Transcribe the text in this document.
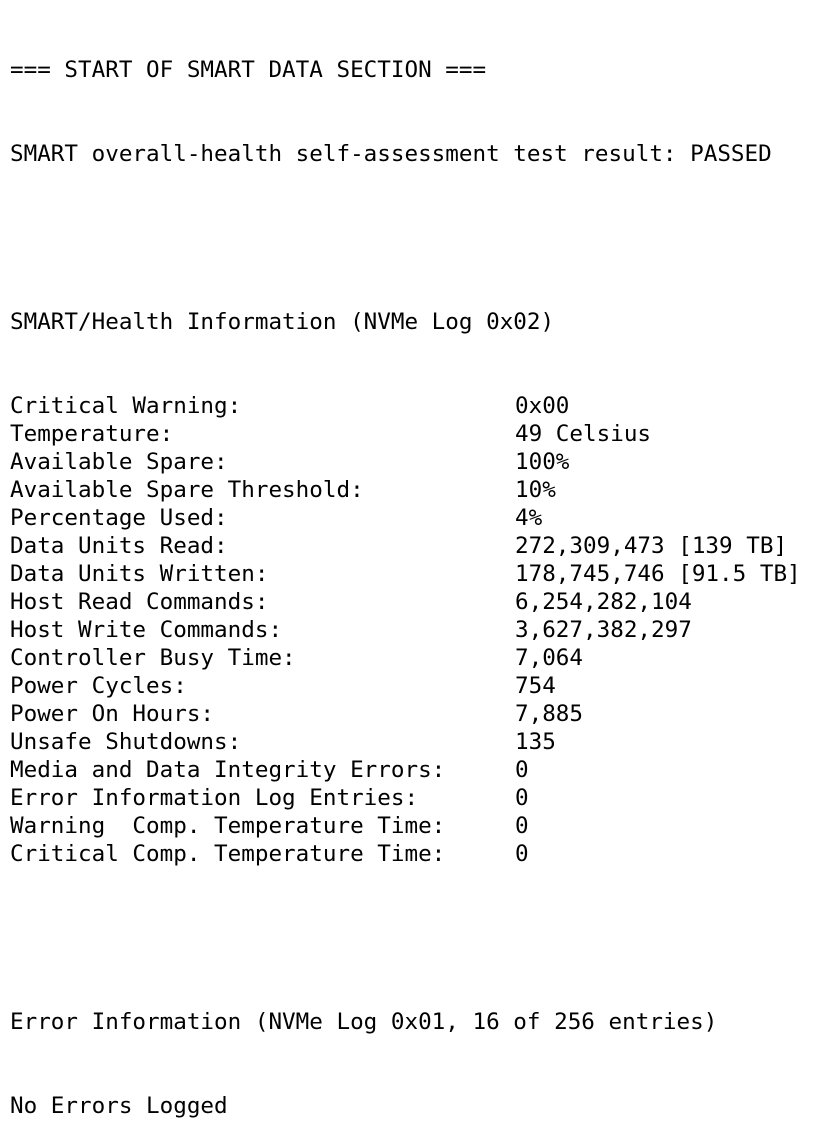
=== START OF SMART DATA SECTION ===

SMART overall-health self-assessment test result: PASSED

SMART/Health Information (NVMe Log 0x02)

Critical Warning:	0x00
Temperature:	49 Celsius
Available Spare:	100%
Available Spare Threshold:	10%
Percentage Used:	4%
Data Units Read:	272,309,473 [139 TB]
Data Units Written:	178,745,746 [91.5 TB]
Host Read Commands:	6,254,282,104
Host Write Commands:	3,627,382,297
Controller Busy Time:	7,064
Power Cycles:	754
Power On Hours:	7,885
Unsafe Shutdowns:	135
Media and Data Integrity Errors:	0
Error Information Log Entries:	0
Warning  Comp. Temperature Time:	0
Critical Comp. Temperature Time:	0

Error Information (NVMe Log 0x01, 16 of 256 entries)

No Errors Logged
